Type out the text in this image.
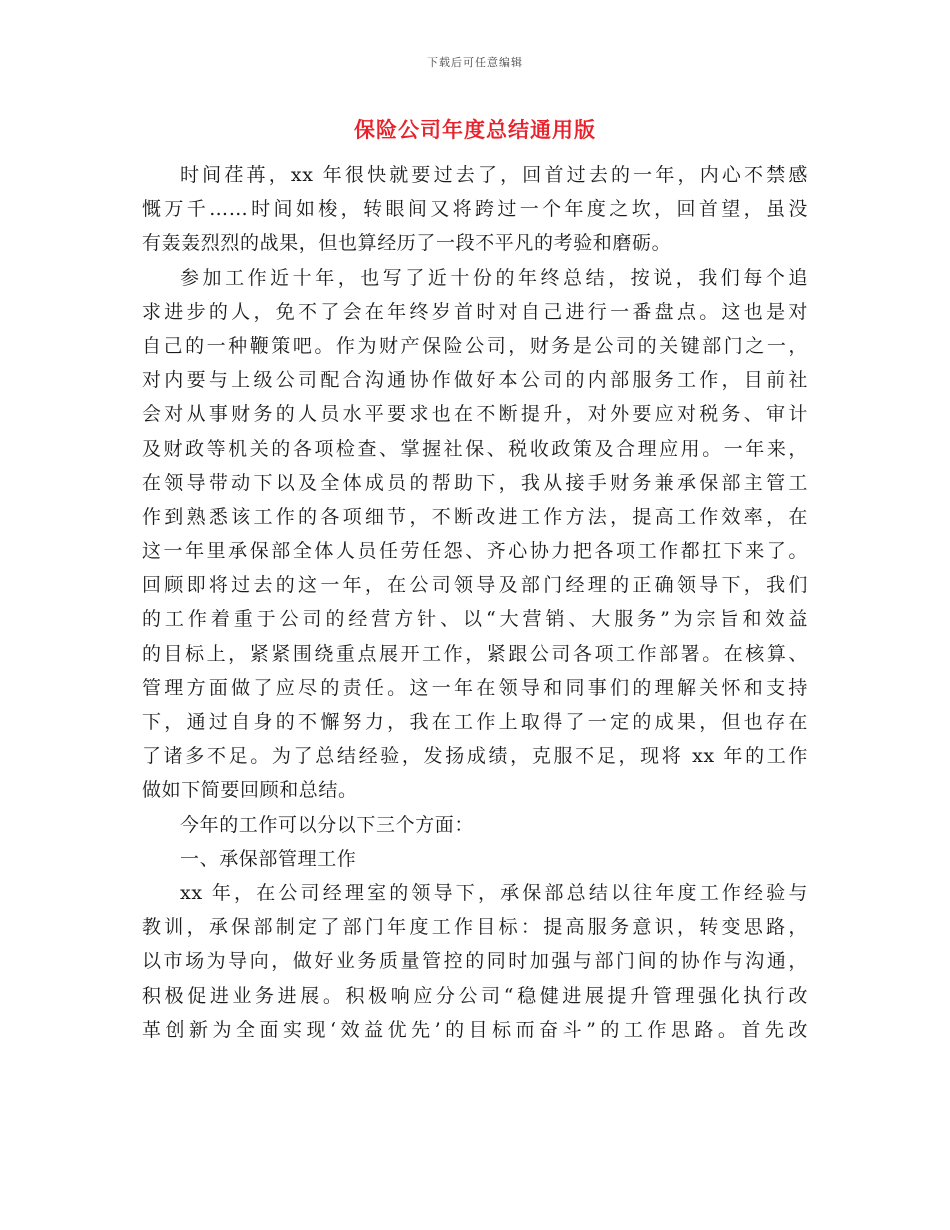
下载后可任意编辑
保险公司年度总结通用版
时间荏苒，xx 年很快就要过去了，回首过去的一年，内心不禁感
慨万千……时间如梭，转眼间又将跨过一个年度之坎，回首望，虽没
有轰轰烈烈的战果，但也算经历了一段不平凡的考验和磨砺。
参加工作近十年，也写了近十份的年终总结，按说，我们每个追
求进步的人，免不了会在年终岁首时对自己进行一番盘点。这也是对
自己的一种鞭策吧。作为财产保险公司，财务是公司的关键部门之一，
对内要与上级公司配合沟通协作做好本公司的内部服务工作，目前社
会对从事财务的人员水平要求也在不断提升，对外要应对税务、审计
及财政等机关的各项检查、掌握社保、税收政策及合理应用。一年来，
在领导带动下以及全体成员的帮助下，我从接手财务兼承保部主管工
作到熟悉该工作的各项细节，不断改进工作方法，提高工作效率，在
这一年里承保部全体人员任劳任怨、齐心协力把各项工作都扛下来了。
回顾即将过去的这一年，在公司领导及部门经理的正确领导下，我们
的工作着重于公司的经营方针、以“大营销、大服务”为宗旨和效益
的目标上，紧紧围绕重点展开工作，紧跟公司各项工作部署。在核算、
管理方面做了应尽的责任。这一年在领导和同事们的理解关怀和支持
下，通过自身的不懈努力，我在工作上取得了一定的成果，但也存在
了诸多不足。为了总结经验，发扬成绩，克服不足，现将 xx 年的工作
做如下简要回顾和总结。
今年的工作可以分以下三个方面：
一、承保部管理工作
xx 年，在公司经理室的领导下，承保部总结以往年度工作经验与
教训，承保部制定了部门年度工作目标：提高服务意识，转变思路，
以市场为导向，做好业务质量管控的同时加强与部门间的协作与沟通，
积极促进业务进展。积极响应分公司“稳健进展提升管理强化执行改
革创新为全面实现‘效益优先’的目标而奋斗”的工作思路。首先改
